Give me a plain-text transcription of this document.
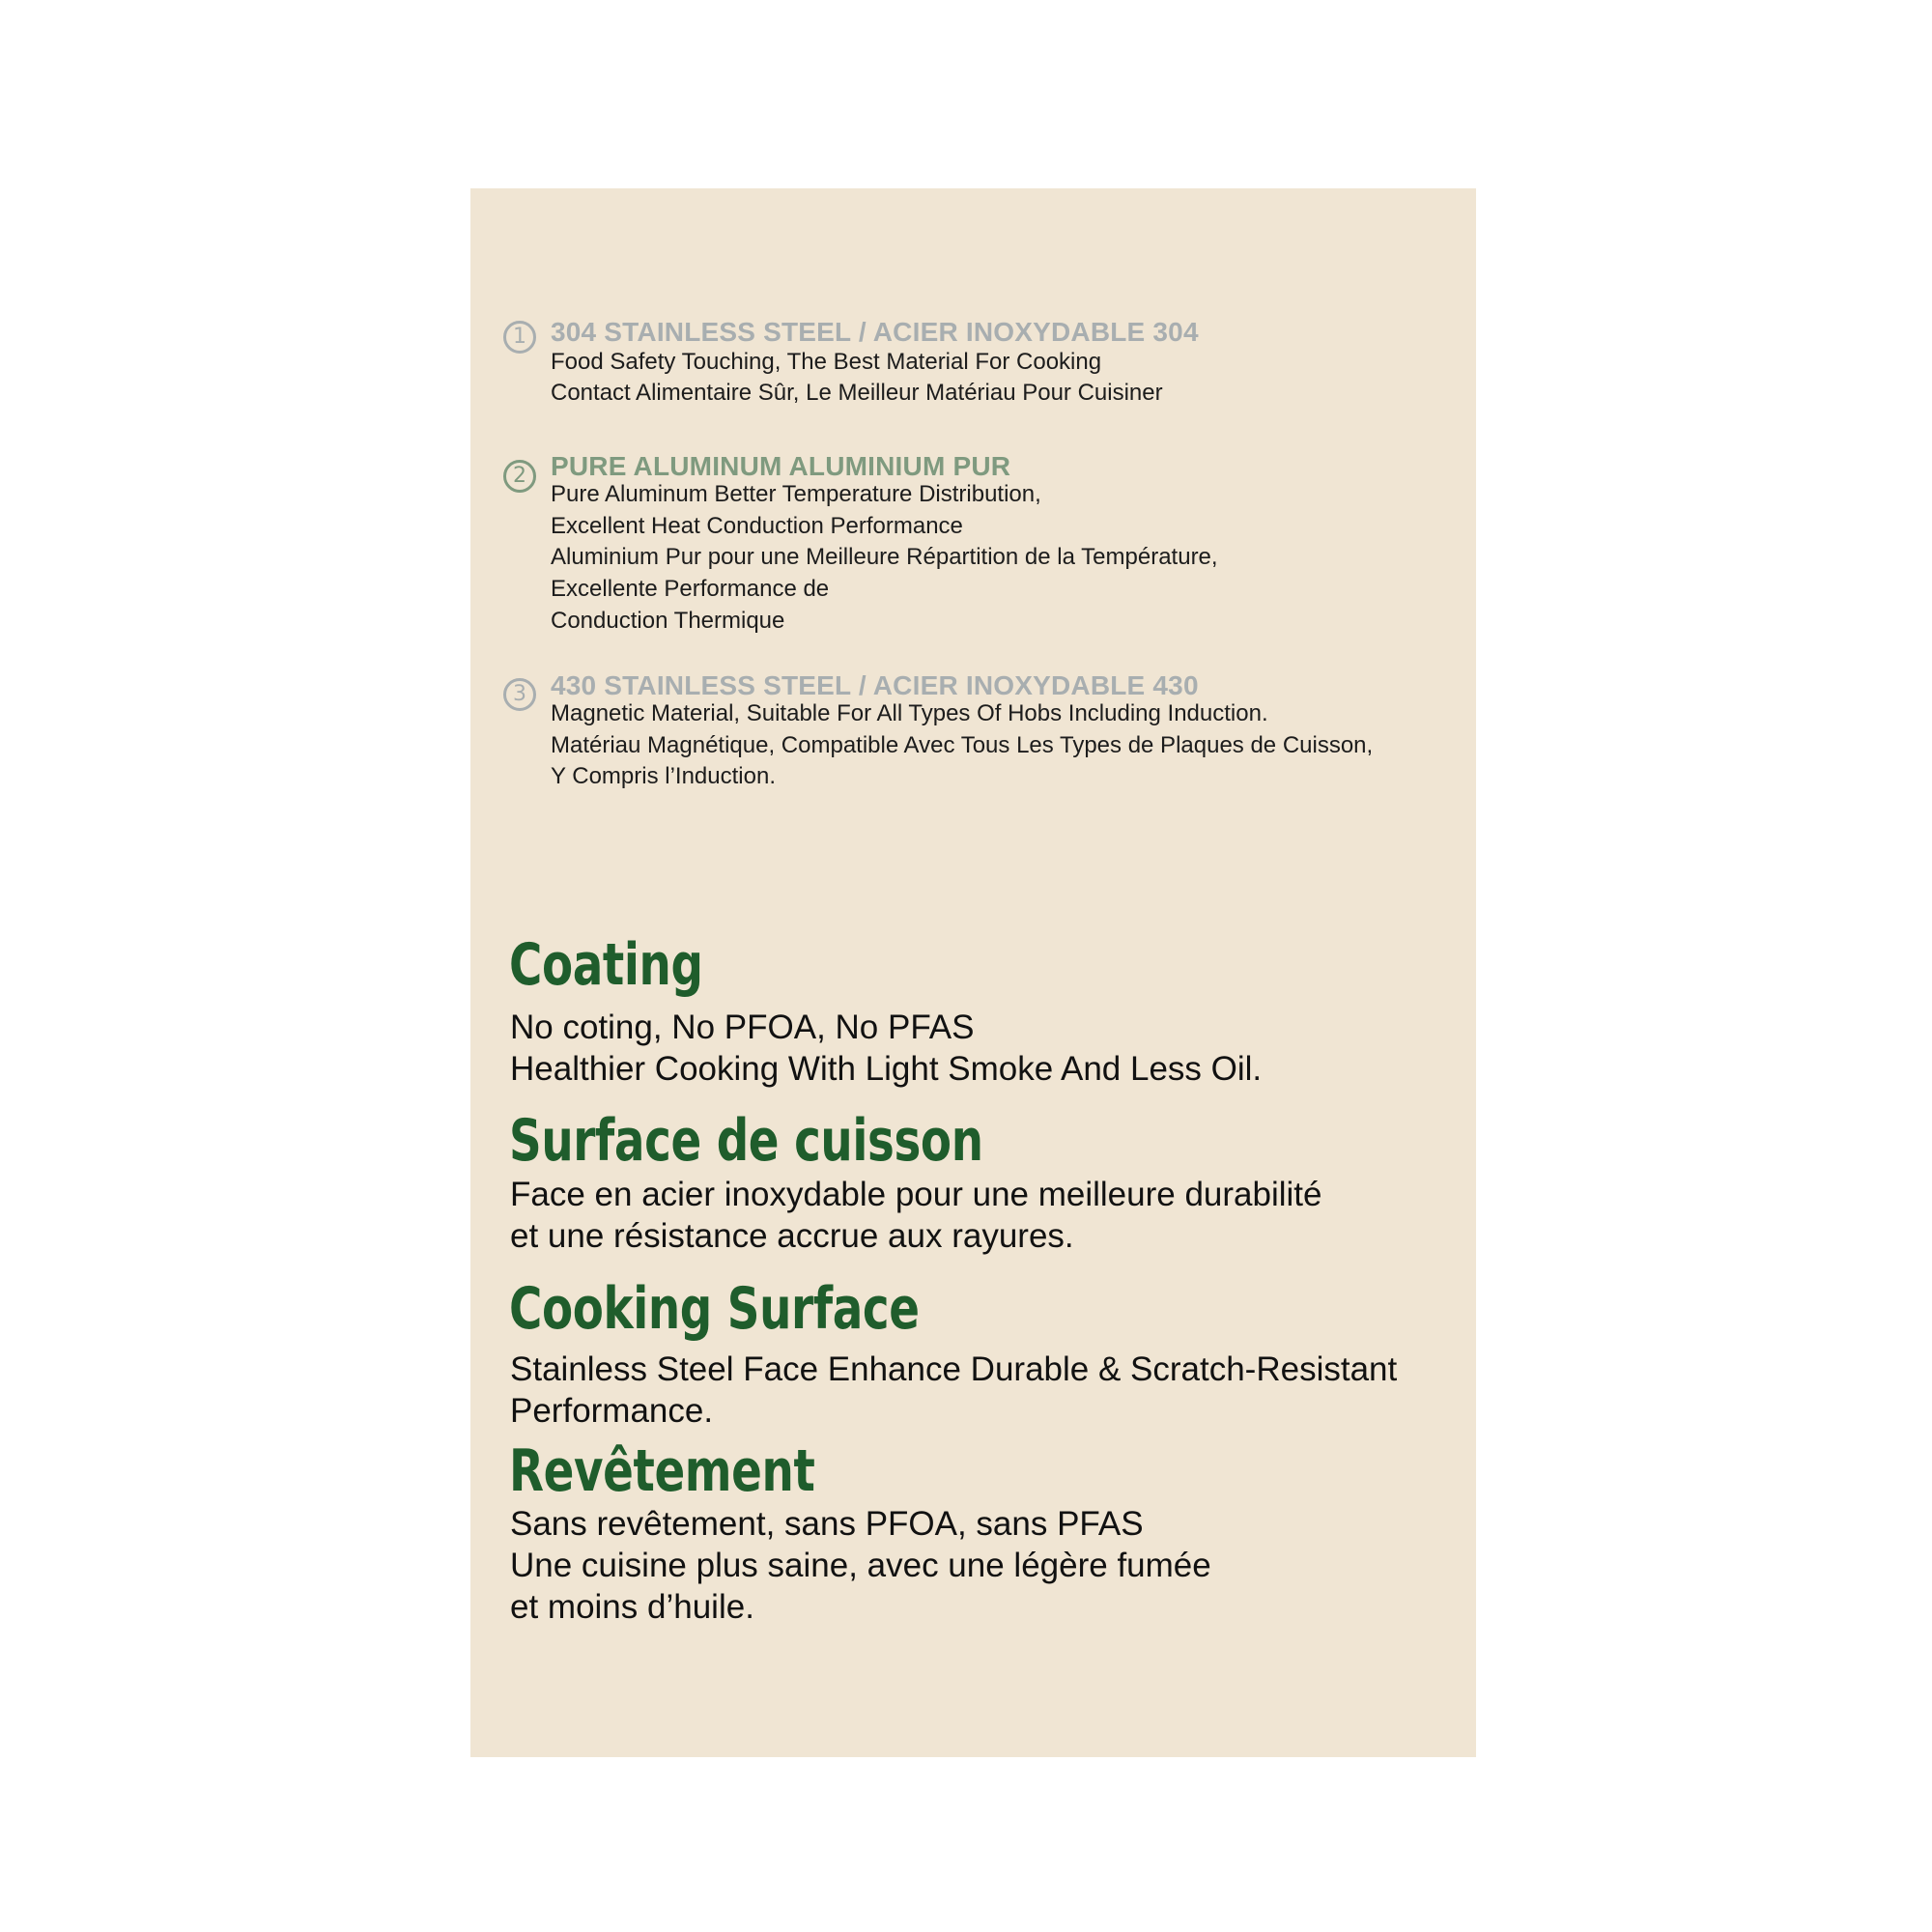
1 304 STAINLESS STEEL / ACIER INOXYDABLE 304
Food Safety Touching, The Best Material For Cooking
Contact Alimentaire Sûr, Le Meilleur Matériau Pour Cuisiner
2 PURE ALUMINUM ALUMINIUM PUR
Pure Aluminum Better Temperature Distribution,
Excellent Heat Conduction Performance
Aluminium Pur pour une Meilleure Répartition de la Température,
Excellente Performance de
Conduction Thermique
3 430 STAINLESS STEEL / ACIER INOXYDABLE 430
Magnetic Material, Suitable For All Types Of Hobs Including Induction.
Matériau Magnétique, Compatible Avec Tous Les Types de Plaques de Cuisson,
Y Compris l’Induction.
Coating
No coting, No PFOA, No PFAS
Healthier Cooking With Light Smoke And Less Oil.
Surface de cuisson
Face en acier inoxydable pour une meilleure durabilité
et une résistance accrue aux rayures.
Cooking Surface
Stainless Steel Face Enhance Durable & Scratch-Resistant
Performance.
Revêtement
Sans revêtement, sans PFOA, sans PFAS
Une cuisine plus saine, avec une légère fumée
et moins d’huile.
